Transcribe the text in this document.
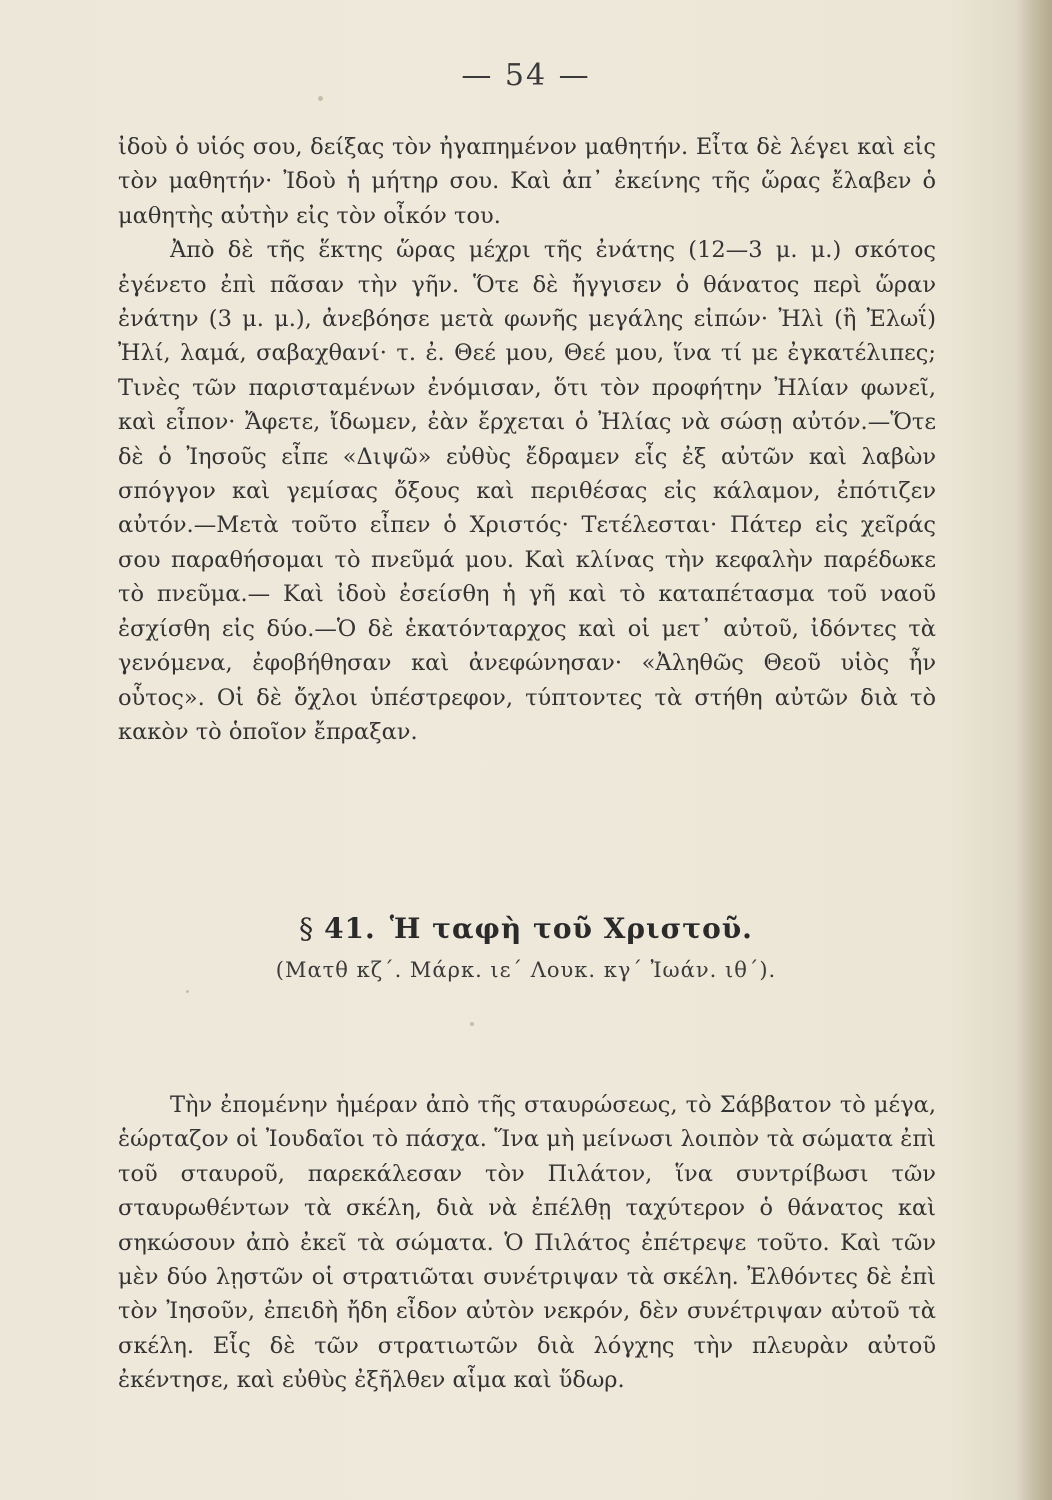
— 54 —

ἰδοὺ ὁ υἱός σου, δείξας τὸν ἠγαπημένον μαθητήν. Εἶτα δὲ λέγει καὶ εἰς τὸν μαθητήν· Ἰδοὺ ἡ μήτηρ σου. Καὶ ἀπ᾿ ἐκείνης τῆς ὥρας ἔλαβεν ὁ μαθητὴς αὐτὴν εἰς τὸν οἶκόν του.

Ἀπὸ δὲ τῆς ἕκτης ὥρας μέχρι τῆς ἐνάτης (12—3 μ. μ.) σκότος ἐγένετο ἐπὶ πᾶσαν τὴν γῆν. Ὅτε δὲ ἤγγισεν ὁ θάνατος περὶ ὥραν ἐνάτην (3 μ. μ.), ἀνεβόησε μετὰ φωνῆς μεγάλης εἰπών· Ἠλὶ (ἢ Ἐλωΐ) Ἠλί, λαμά, σαβαχθανί· τ. ἐ. Θεέ μου, Θεέ μου, ἵνα τί με ἐγκατέλιπες; Τινὲς τῶν παρισταμένων ἐνόμισαν, ὅτι τὸν προφήτην Ἠλίαν φωνεῖ, καὶ εἶπον· Ἄφετε, ἴδωμεν, ἐὰν ἔρχεται ὁ Ἠλίας νὰ σώσῃ αὐτόν.—Ὅτε δὲ ὁ Ἰησοῦς εἶπε «Διψῶ» εὐθὺς ἔδραμεν εἷς ἐξ αὐτῶν καὶ λαβὼν σπόγγον καὶ γεμίσας ὄξους καὶ περιθέσας εἰς κάλαμον, ἐπότιζεν αὐτόν.—Μετὰ τοῦτο εἶπεν ὁ Χριστός· Τετέλεσται· Πάτερ εἰς χεῖράς σου παραθήσομαι τὸ πνεῦμά μου. Καὶ κλίνας τὴν κεφαλὴν παρέδωκε τὸ πνεῦμα.— Καὶ ἰδοὺ ἐσείσθη ἡ γῆ καὶ τὸ καταπέτασμα τοῦ ναοῦ ἐσχίσθη εἰς δύο.—Ὁ δὲ ἑκατόνταρχος καὶ οἱ μετ᾿ αὐτοῦ, ἰδόντες τὰ γενόμενα, ἐφοβήθησαν καὶ ἀνεφώνησαν· «Ἀληθῶς Θεοῦ υἱὸς ἦν οὗτος». Οἱ δὲ ὄχλοι ὑπέστρεφον, τύπτοντες τὰ στήθη αὐτῶν διὰ τὸ κακὸν τὸ ὁποῖον ἔπραξαν.

§ 41. Ἡ ταφὴ τοῦ Χριστοῦ.
(Ματθ κζ΄. Μάρκ. ιε΄ Λουκ. κγ΄ Ἰωάν. ιθ΄).

Τὴν ἐπομένην ἡμέραν ἀπὸ τῆς σταυρώσεως, τὸ Σάββατον τὸ μέγα, ἑώρταζον οἱ Ἰουδαῖοι τὸ πάσχα. Ἵνα μὴ μείνωσι λοιπὸν τὰ σώματα ἐπὶ τοῦ σταυροῦ, παρεκάλεσαν τὸν Πιλάτον, ἵνα συντρίβωσι τῶν σταυρωθέντων τὰ σκέλη, διὰ νὰ ἐπέλθῃ ταχύτερον ὁ θάνατος καὶ σηκώσουν ἀπὸ ἐκεῖ τὰ σώματα. Ὁ Πιλάτος ἐπέτρεψε τοῦτο. Καὶ τῶν μὲν δύο λῃστῶν οἱ στρατιῶται συνέτριψαν τὰ σκέλη. Ἐλθόντες δὲ ἐπὶ τὸν Ἰησοῦν, ἐπειδὴ ἤδη εἶδον αὐτὸν νεκρόν, δὲν συνέτριψαν αὐτοῦ τὰ σκέλη. Εἷς δὲ τῶν στρατιωτῶν διὰ λόγχης τὴν πλευρὰν αὐτοῦ ἐκέντησε, καὶ εὐθὺς ἐξῆλθεν αἷμα καὶ ὕδωρ.
